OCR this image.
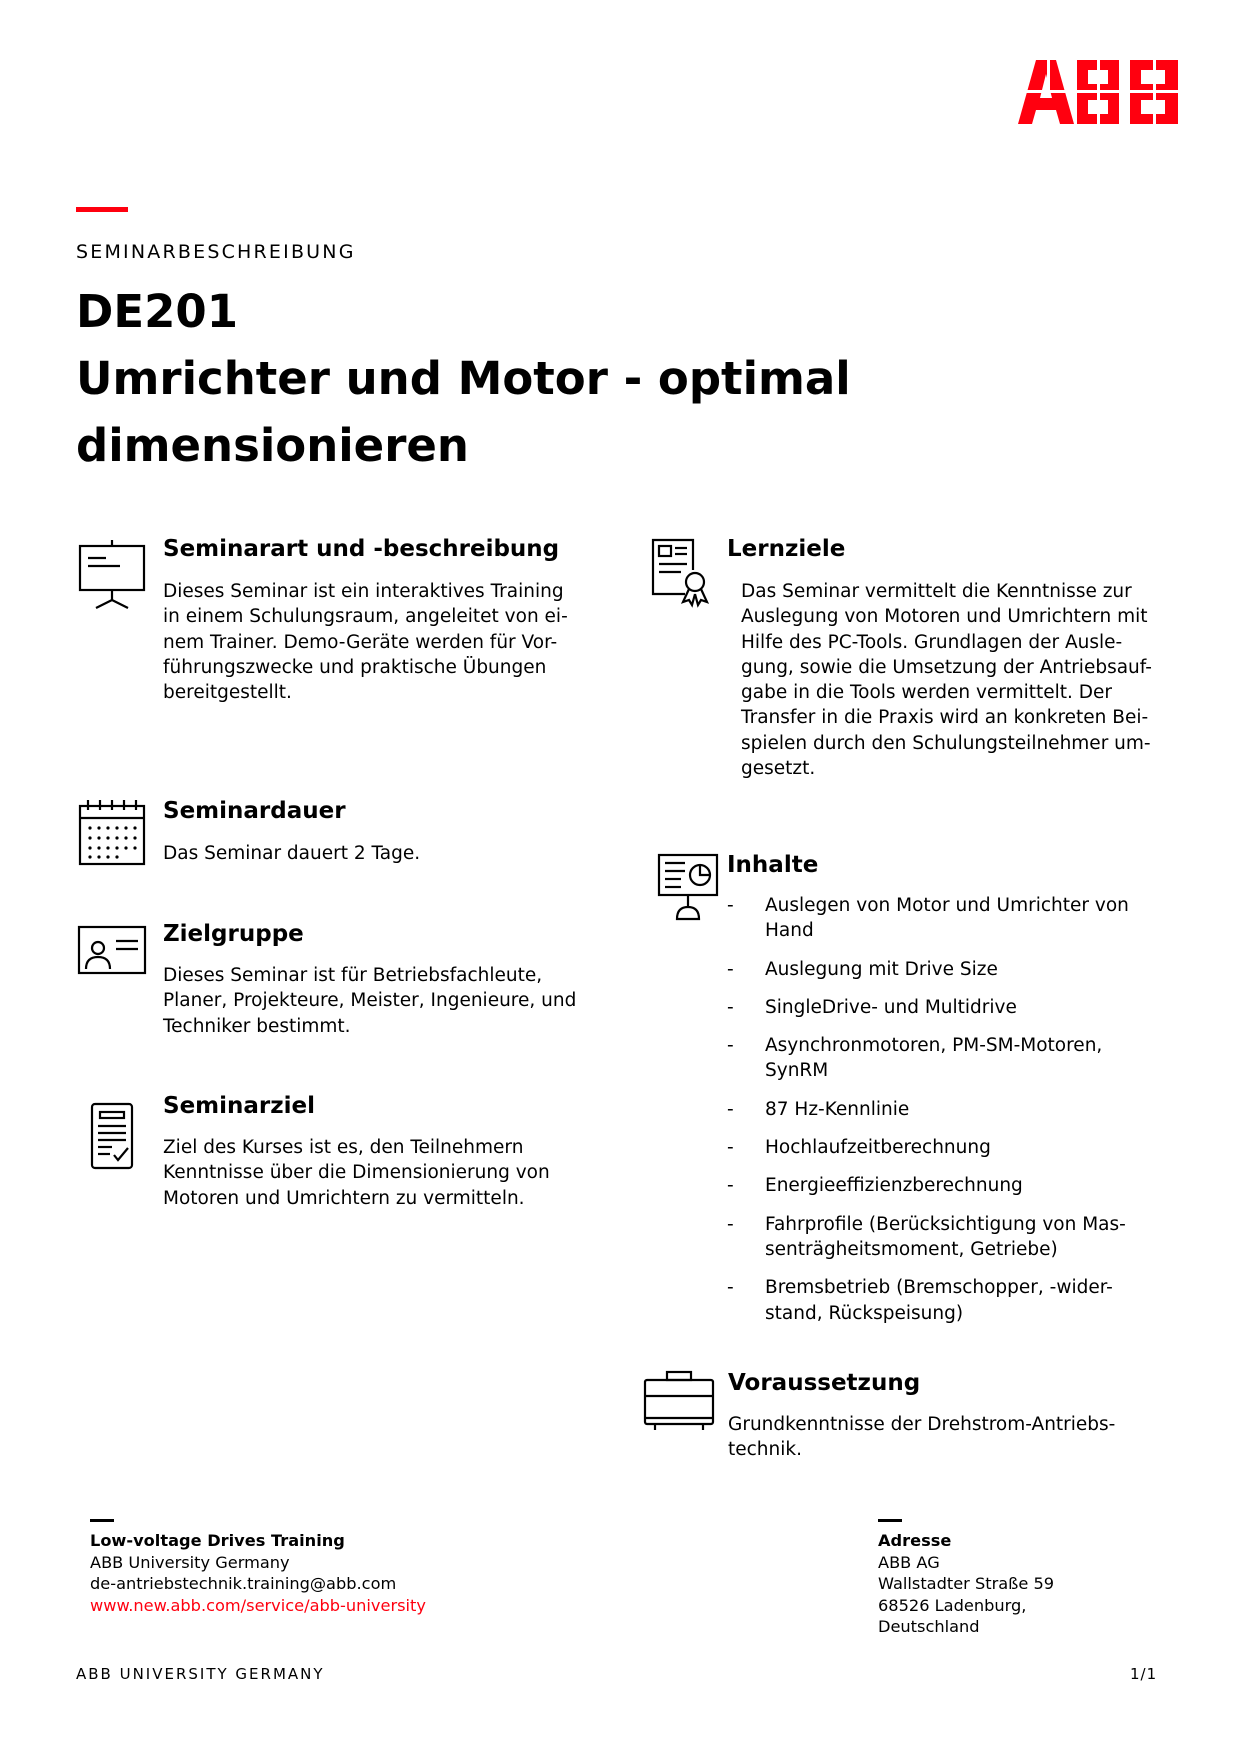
SEMINARBESCHREIBUNG
DE201
Umrichter und Motor - optimal
dimensionieren
Seminarart und -beschreibung
Dieses Seminar ist ein interaktives Training
in einem Schulungsraum, angeleitet von ei-
nem Trainer. Demo-Geräte werden für Vor-
führungszwecke und praktische Übungen
bereitgestellt.
Seminardauer
Das Seminar dauert 2 Tage.
Zielgruppe
Dieses Seminar ist für Betriebsfachleute,
Planer, Projekteure, Meister, Ingenieure, und
Techniker bestimmt.
Seminarziel
Ziel des Kurses ist es, den Teilnehmern
Kenntnisse über die Dimensionierung von
Motoren und Umrichtern zu vermitteln.
Lernziele
Das Seminar vermittelt die Kenntnisse zur
Auslegung von Motoren und Umrichtern mit
Hilfe des PC-Tools. Grundlagen der Ausle-
gung, sowie die Umsetzung der Antriebsauf-
gabe in die Tools werden vermittelt. Der
Transfer in die Praxis wird an konkreten Bei-
spielen durch den Schulungsteilnehmer um-
gesetzt.
Inhalte
- Auslegen von Motor und Umrichter von
Hand
- Auslegung mit Drive Size
- SingleDrive- und Multidrive
- Asynchronmotoren, PM-SM-Motoren,
SynRM
- 87 Hz-Kennlinie
- Hochlaufzeitberechnung
- Energieeffizienzberechnung
- Fahrprofile (Berücksichtigung von Mas-
senträgheitsmoment, Getriebe)
- Bremsbetrieb (Bremschopper, -wider-
stand, Rückspeisung)
Voraussetzung
Grundkenntnisse der Drehstrom-Antriebs-
technik.
Low-voltage Drives Training
ABB University Germany
de-antriebstechnik.training@abb.com
www.new.abb.com/service/abb-university
Adresse
ABB AG
Wallstadter Straße 59
68526 Ladenburg,
Deutschland
ABB UNIVERSITY GERMANY	1/1
